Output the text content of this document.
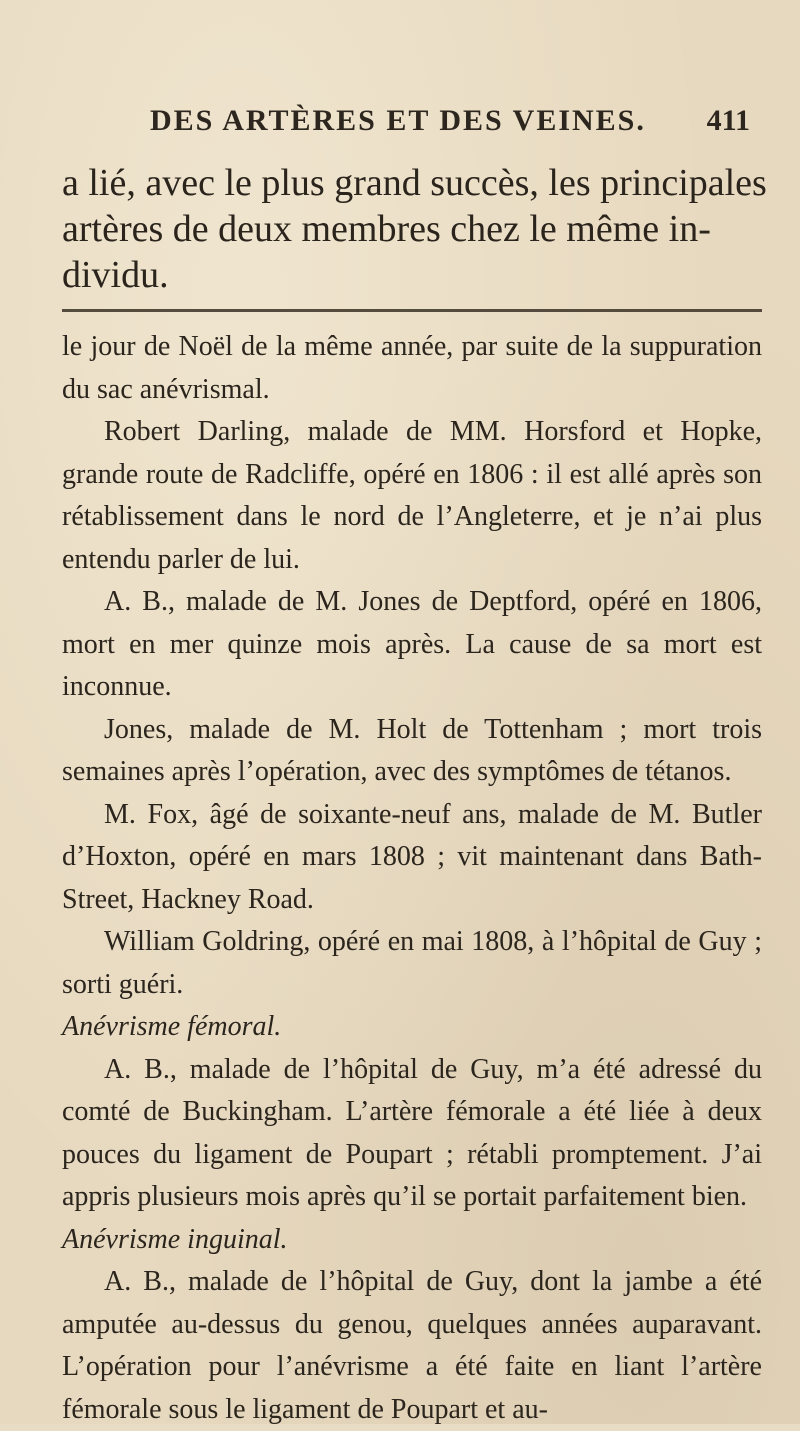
DES ARTÈRES ET DES VEINES. 411
a lié, avec le plus grand succès, les principales
artères de deux membres chez le même in-
dividu.

le jour de Noël de la même année, par suite de la suppuration du sac anévrismal.

Robert Darling, malade de MM. Horsford et Hopke, grande route de Radcliffe, opéré en 1806 : il est allé après son rétablissement dans le nord de l’Angleterre, et je n’ai plus entendu parler de lui.

A. B., malade de M. Jones de Deptford, opéré en 1806, mort en mer quinze mois après. La cause de sa mort est inconnue.

Jones, malade de M. Holt de Tottenham ; mort trois semaines après l’opération, avec des symptômes de tétanos.

M. Fox, âgé de soixante-neuf ans, malade de M. Butler d’Hoxton, opéré en mars 1808 ; vit maintenant dans Bath-Street, Hackney Road.

William Goldring, opéré en mai 1808, à l’hôpital de Guy ; sorti guéri.

Anévrisme fémoral.

A. B., malade de l’hôpital de Guy, m’a été adressé du comté de Buckingham. L’artère fémorale a été liée à deux pouces du ligament de Poupart ; rétabli promptement. J’ai appris plusieurs mois après qu’il se portait parfaitement bien.

Anévrisme inguinal.

A. B., malade de l’hôpital de Guy, dont la jambe a été amputée au-dessus du genou, quelques années auparavant. L’opération pour l’anévrisme a été faite en liant l’artère fémorale sous le ligament de Poupart et au-
